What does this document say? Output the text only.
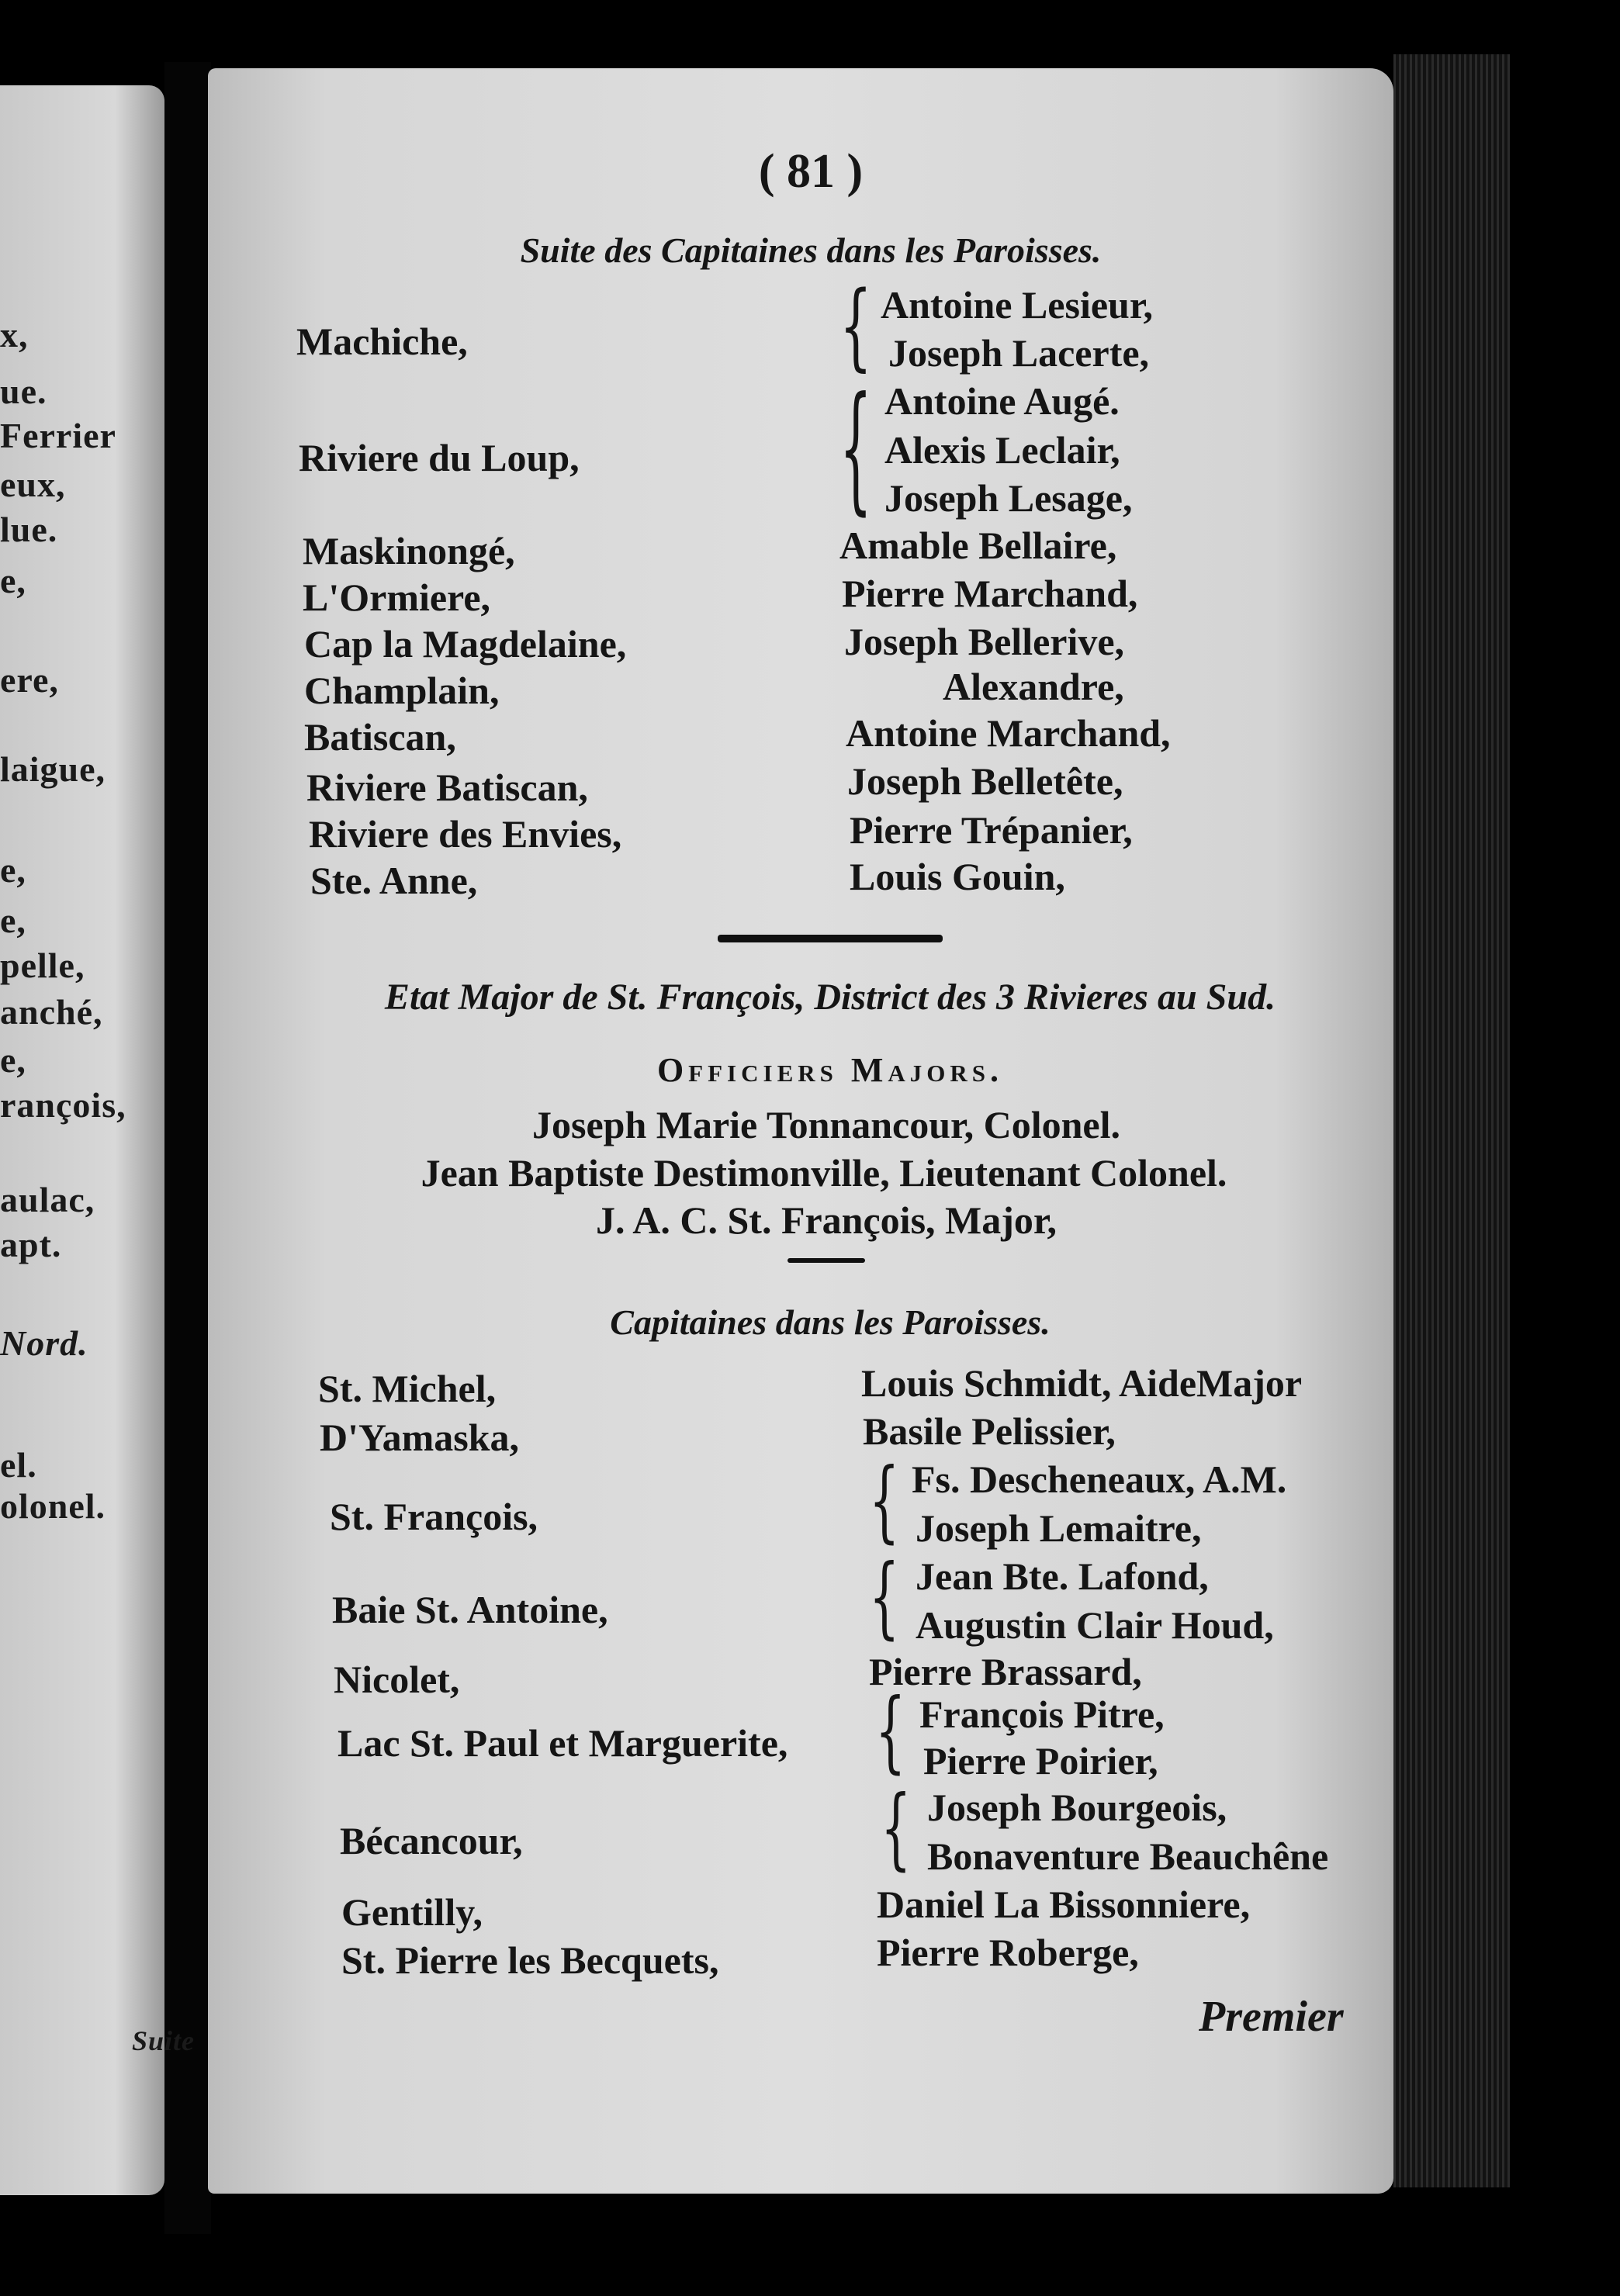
x,
ue.
Ferrier
eux,
lue.
e,
ere,
laigue,
e,
e,
pelle,
anché,
e,
rançois,
aulac,
apt.
Nord.
el.
olonel.
Suite
( 81 )
Suite des Capitaines dans les Paroisses.
Machiche,
Riviere du Loup,
Maskinongé,
L'Ormiere,
Cap la Magdelaine,
Champlain,
Batiscan,
Riviere Batiscan,
Riviere des Envies,
Ste. Anne,
{
{
Antoine Lesieur,
Joseph Lacerte,
Antoine Augé.
Alexis Leclair,
Joseph Lesage,
Amable Bellaire,
Pierre Marchand,
Joseph Bellerive,
Alexandre,
Antoine Marchand,
Joseph Belletête,
Pierre Trépanier,
Louis Gouin,
Etat Major de St. François, District des 3 Rivieres au Sud.
Officiers Majors.
Joseph Marie Tonnancour, Colonel.
Jean Baptiste Destimonville, Lieutenant Colonel.
J. A. C. St. François, Major,
Capitaines dans les Paroisses.
St. Michel,
D'Yamaska,
St. François,
Baie St. Antoine,
Nicolet,
Lac St. Paul et Marguerite,
Bécancour,
Gentilly,
St. Pierre les Becquets,
{
{
{
{
Louis Schmidt, AideMajor
Basile Pelissier,
Fs. Descheneaux, A.M.
Joseph Lemaitre,
Jean Bte. Lafond,
Augustin Clair Houd,
Pierre Brassard,
François Pitre,
Pierre Poirier,
Joseph Bourgeois,
Bonaventure Beauchêne
Daniel La Bissonniere,
Pierre Roberge,
Premier
